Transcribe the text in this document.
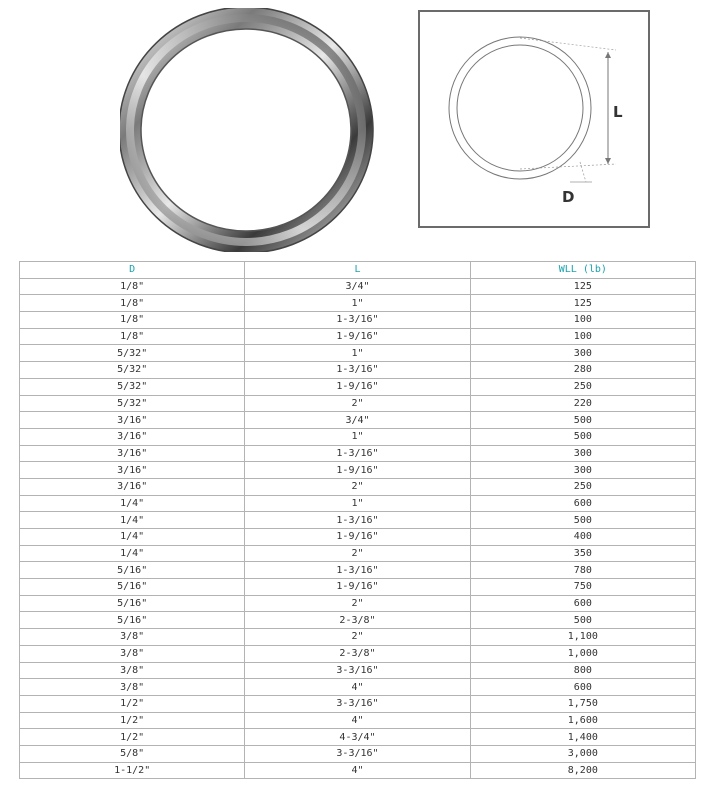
L
D
D	L	WLL (lb)
1/8"	3/4"	125
1/8"	1"	125
1/8"	1-3/16"	100
1/8"	1-9/16"	100
5/32"	1"	300
5/32"	1-3/16"	280
5/32"	1-9/16"	250
5/32"	2"	220
3/16"	3/4"	500
3/16"	1"	500
3/16"	1-3/16"	300
3/16"	1-9/16"	300
3/16"	2"	250
1/4"	1"	600
1/4"	1-3/16"	500
1/4"	1-9/16"	400
1/4"	2"	350
5/16"	1-3/16"	780
5/16"	1-9/16"	750
5/16"	2"	600
5/16"	2-3/8"	500
3/8"	2"	1,100
3/8"	2-3/8"	1,000
3/8"	3-3/16"	800
3/8"	4"	600
1/2"	3-3/16"	1,750
1/2"	4"	1,600
1/2"	4-3/4"	1,400
5/8"	3-3/16"	3,000
1-1/2"	4"	8,200
